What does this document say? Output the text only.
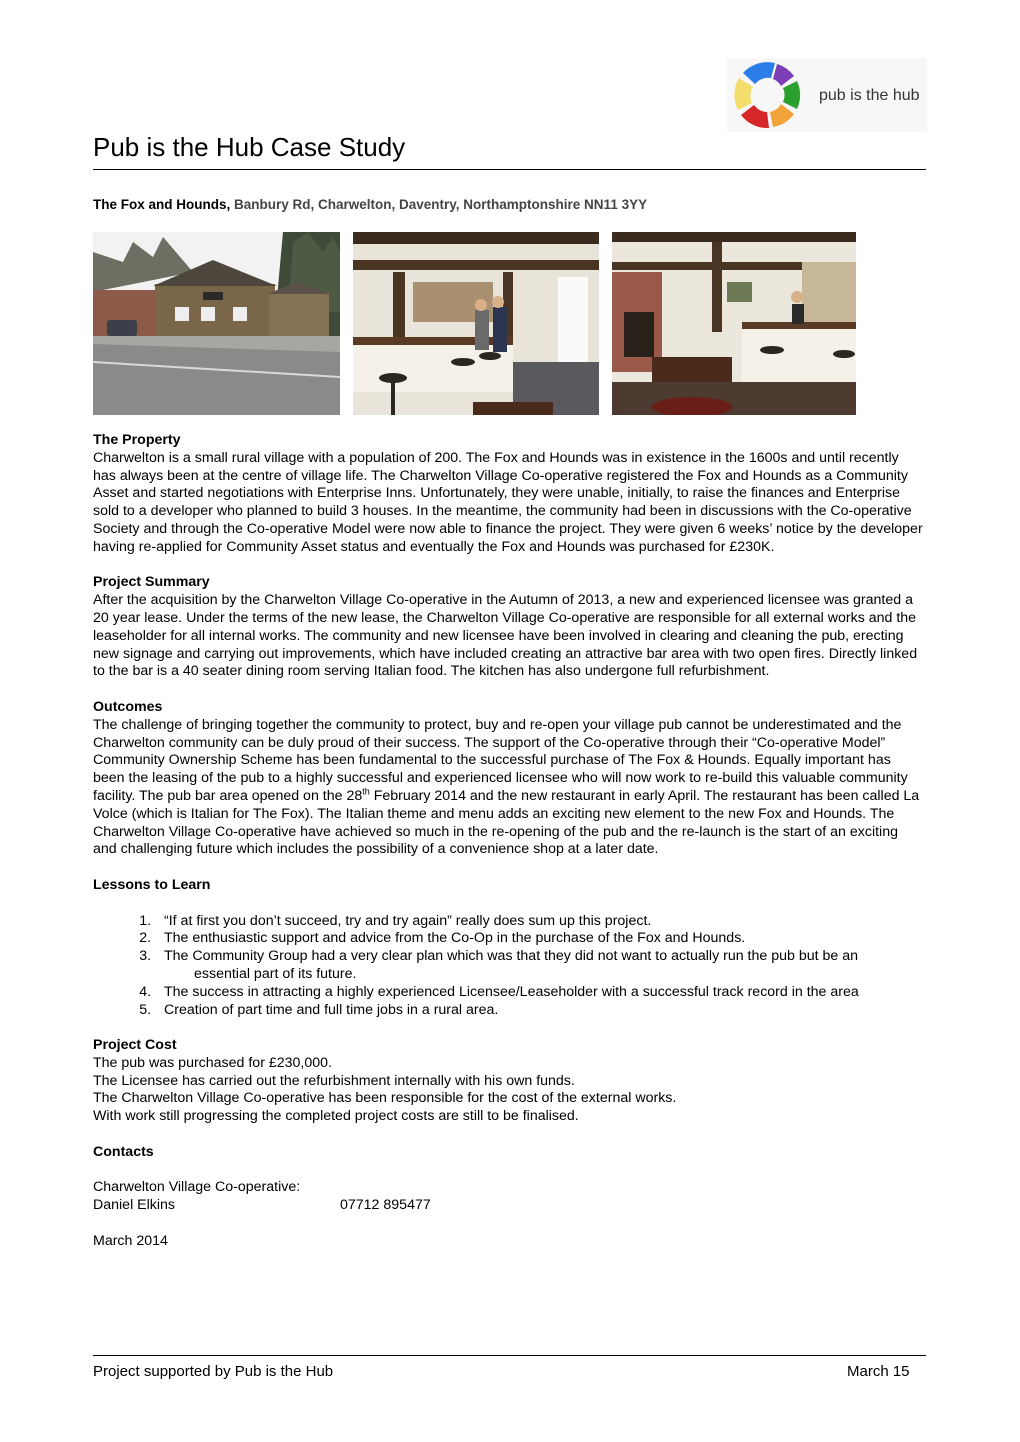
pub is the hub
Pub is the Hub Case Study
The Fox and Hounds, Banbury Rd, Charwelton, Daventry, Northamptonshire NN11 3YY

The Property

Charwelton is a small rural village with a population of 200. The Fox and Hounds was in existence in the 1600s and until recently has always been at the centre of village life. The Charwelton Village Co-operative registered the Fox and Hounds as a Community Asset and started negotiations with Enterprise Inns. Unfortunately, they were unable, initially, to raise the finances and Enterprise sold to a developer who planned to build 3 houses. In the meantime, the community had been in discussions with the Co-operative Society and through the Co-operative Model were now able to finance the project. They were given 6 weeks’ notice by the developer having re-applied for Community Asset status and eventually the Fox and Hounds was purchased for £230K.

Project Summary

After the acquisition by the Charwelton Village Co-operative in the Autumn of 2013, a new and experienced licensee was granted a 20 year lease. Under the terms of the new lease, the Charwelton Village Co-operative are responsible for all external works and the leaseholder for all internal works. The community and new licensee have been involved in clearing and cleaning the pub, erecting new signage and carrying out improvements, which have included creating an attractive bar area with two open fires. Directly linked to the bar is a 40 seater dining room serving Italian food. The kitchen has also undergone full refurbishment.

Outcomes

The challenge of bringing together the community to protect, buy and re-open your village pub cannot be underestimated and the Charwelton community can be duly proud of their success. The support of the Co-operative through their “Co-operative Model” Community Ownership Scheme has been fundamental to the successful purchase of The Fox & Hounds. Equally important has been the leasing of the pub to a highly successful and experienced licensee who will now work to re-build this valuable community facility. The pub bar area opened on the 28th February 2014 and the new restaurant in early April. The restaurant has been called La Volce (which is Italian for The Fox). The Italian theme and menu adds an exciting new element to the new Fox and Hounds. The Charwelton Village Co-operative have achieved so much in the re-opening of the pub and the re-launch is the start of an exciting and challenging future which includes the possibility of a convenience shop at a later date.

Lessons to Learn

1. “If at first you don’t succeed, try and try again” really does sum up this project.
2. The enthusiastic support and advice from the Co-Op in the purchase of the Fox and Hounds.
3. The Community Group had a very clear plan which was that they did not want to actually run the pub but be an
essential part of its future.
4. The success in attracting a highly experienced Licensee/Leaseholder with a successful track record in the area
5. Creation of part time and full time jobs in a rural area.

Project Cost

The pub was purchased for £230,000.
The Licensee has carried out the refurbishment internally with his own funds.
The Charwelton Village Co-operative has been responsible for the cost of the external works.
With work still progressing the completed project costs are still to be finalised.

Contacts

Charwelton Village Co-operative:
Daniel Elkins	07712 895477
March 2014
Project supported by Pub is the Hub	March 15
